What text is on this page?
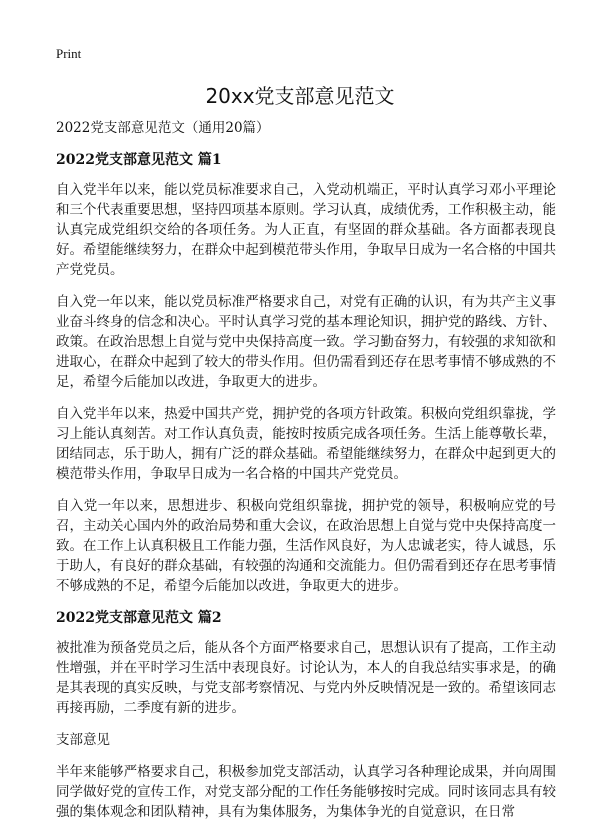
Print
20xx党支部意见范文

2022党支部意见范文（通用20篇）

2022党支部意见范文 篇1

自入党半年以来，能以党员标准要求自己，入党动机端正，平时认真学习邓小平理论和三个代表重要思想，坚持四项基本原则。学习认真，成绩优秀，工作积极主动，能认真完成党组织交给的各项任务。为人正直，有坚固的群众基础。各方面都表现良好。希望能继续努力，在群众中起到模范带头作用，争取早日成为一名合格的中国共产党党员。

自入党一年以来，能以党员标准严格要求自己，对党有正确的认识，有为共产主义事业奋斗终身的信念和决心。平时认真学习党的基本理论知识，拥护党的路线、方针、政策。在政治思想上自觉与党中央保持高度一致。学习勤奋努力，有较强的求知欲和进取心，在群众中起到了较大的带头作用。但仍需看到还存在思考事情不够成熟的不足，希望今后能加以改进，争取更大的进步。

自入党半年以来，热爱中国共产党，拥护党的各项方针政策。积极向党组织靠拢，学习上能认真刻苦。对工作认真负责，能按时按质完成各项任务。生活上能尊敬长辈，团结同志，乐于助人，拥有广泛的群众基础。希望能继续努力，在群众中起到更大的模范带头作用，争取早日成为一名合格的中国共产党党员。

自入党一年以来，思想进步、积极向党组织靠拢，拥护党的领导，积极响应党的号召，主动关心国内外的政治局势和重大会议，在政治思想上自觉与党中央保持高度一致。在工作上认真积极且工作能力强，生活作风良好，为人忠诚老实，待人诚恳，乐于助人，有良好的群众基础，有较强的沟通和交流能力。但仍需看到还存在思考事情不够成熟的不足，希望今后能加以改进，争取更大的进步。

2022党支部意见范文 篇2

被批准为预备党员之后，能从各个方面严格要求自己，思想认识有了提高，工作主动性增强，并在平时学习生活中表现良好。讨论认为，本人的自我总结实事求是，的确是其表现的真实反映，与党支部考察情况、与党内外反映情况是一致的。希望该同志再接再励，二季度有新的进步。

支部意见

半年来能够严格要求自己，积极参加党支部活动，认真学习各种理论成果，并向周围同学做好党的宣传工作，对党支部分配的工作任务能够按时完成。同时该同志具有较强的集体观念和团队精神，具有为集体服务，为集体争光的自觉意识，在日常
